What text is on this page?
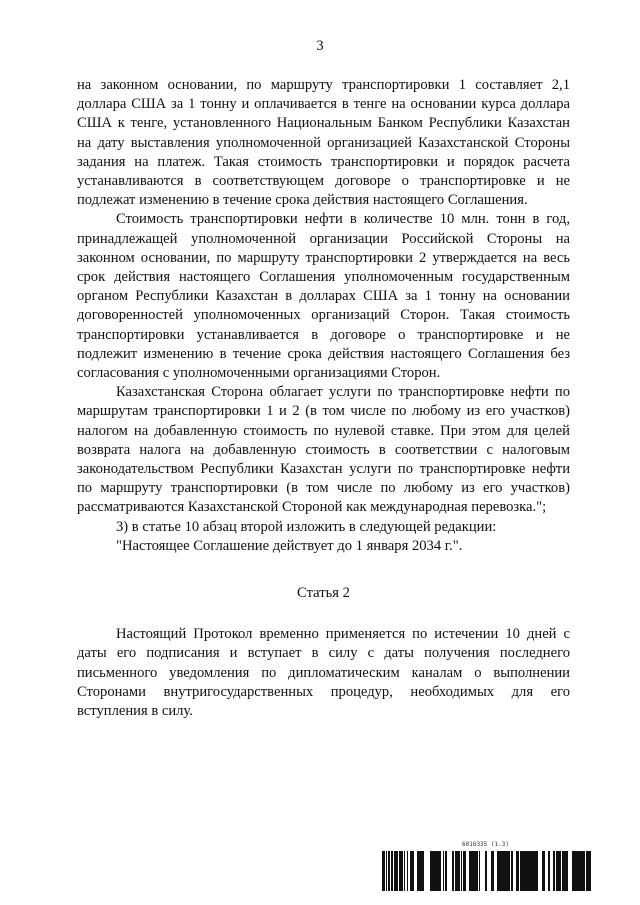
3

на законном основании, по маршруту транспортировки 1 составляет 2,1 доллара США за 1 тонну и оплачивается в тенге на основании курса доллара США к тенге, установленного Национальным Банком Республики Казахстан на дату выставления уполномоченной организацией Казахстанской Стороны задания на платеж. Такая стоимость транспортировки и порядок расчета устанавливаются в соответствующем договоре о транспортировке и не подлежат изменению в течение срока действия настоящего Соглашения.

Стоимость транспортировки нефти в количестве 10 млн. тонн в год, принадлежащей уполномоченной организации Российской Стороны на законном основании, по маршруту транспортировки 2 утверждается на весь срок действия настоящего Соглашения уполномоченным государственным органом Республики Казахстан в долларах США за 1 тонну на основании договоренностей уполномоченных организаций Сторон. Такая стоимость транспортировки устанавливается в договоре о транспортировке и не подлежит изменению в течение срока действия настоящего Соглашения без согласования с уполномоченными организациями Сторон.

Казахстанская Сторона облагает услуги по транспортировке нефти по маршрутам транспортировки 1 и 2 (в том числе по любому из его участков) налогом на добавленную стоимость по нулевой ставке. При этом для целей возврата налога на добавленную стоимость в соответствии с налоговым законодательством Республики Казахстан услуги по транспортировке нефти по маршруту транспортировки (в том числе по любому из его участков) рассматриваются Казахстанской Стороной как международная перевозка.";

3) в статье 10 абзац второй изложить в следующей редакции:

"Настоящее Соглашение действует до 1 января 2034 г.".

Статья 2

Настоящий Протокол временно применяется по истечении 10 дней с даты его подписания и вступает в силу с даты получения последнего письменного уведомления по дипломатическим каналам о выполнении Сторонами внутригосударственных процедур, необходимых для его вступления в силу.

6016335 (1.3)
